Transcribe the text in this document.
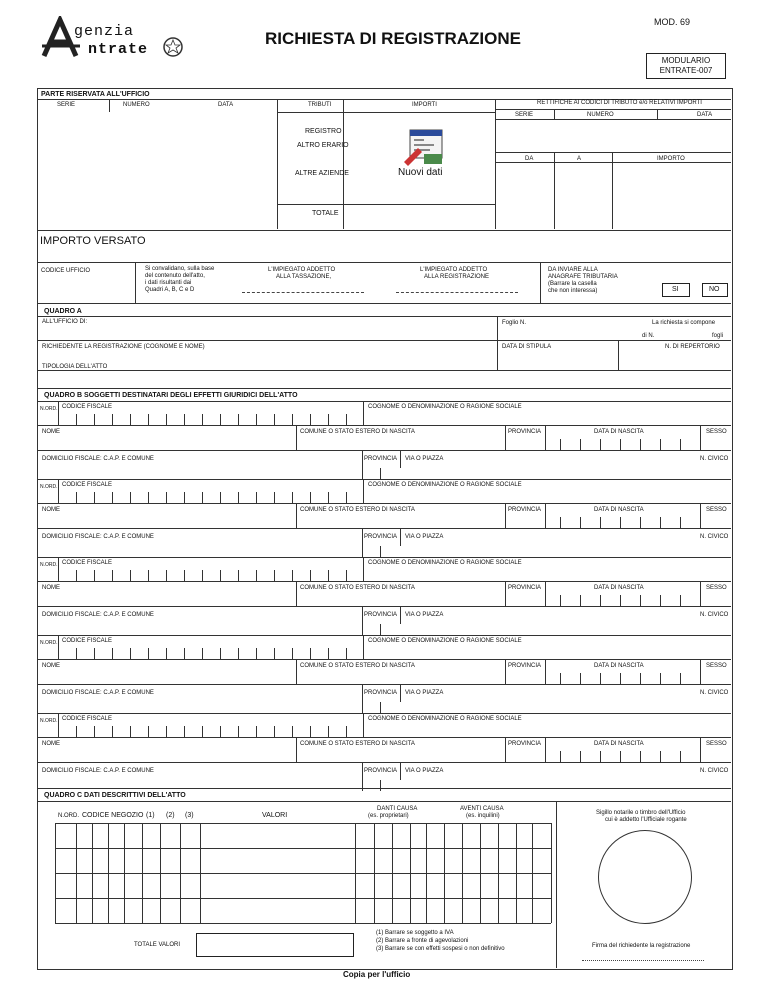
genzia
ntrate
RICHIESTA DI REGISTRAZIONE
MOD. 69
MODULARIO
ENTRATE-007
PARTE RISERVATA ALL'UFFICIO
SERIE	NUMERO	DATA	TRIBUTI	IMPORTI	RETTIFICHE AI CODICI DI TRIBUTO e/o RELATIVI IMPORTI
SERIE	NUMERO	DATA
DA	A	IMPORTO
REGISTRO
ALTRO ERARIO
ALTRE AZIENDE
TOTALE
Nuovi dati
IMPORTO VERSATO
CODICE UFFICIO	Si convalidano, sulla base
del contenuto dell'atto,
i dati risultanti dai
Quadri A, B, C e D
L'IMPIEGATO ADDETTO
ALLA TASSAZIONE,
L'IMPIEGATO ADDETTO
ALLA REGISTRAZIONE
DA INVIARE ALLA
ANAGRAFE TRIBUTARIA
(Barrare la casella
che non interessa)	SI	NO
QUADRO A
ALL'UFFICIO DI:	Foglio N.	La richiesta si compone
di N.	fogli
RICHIEDENTE LA REGISTRAZIONE (COGNOME E NOME)	DATA DI STIPULA	N. DI REPERTORIO
TIPOLOGIA DELL'ATTO
QUADRO B SOGGETTI DESTINATARI DEGLI EFFETTI GIURIDICI DELL'ATTO
N.ORD. CODICE FISCALE	COGNOME O DENOMINAZIONE O RAGIONE SOCIALE
NOME	COMUNE O STATO ESTERO DI NASCITA	PROVINCIA	DATA DI NASCITA	SESSO
DOMICILIO FISCALE: C.A.P. E COMUNE	PROVINCIA VIA O PIAZZA	N. CIVICO
N.ORD. CODICE FISCALE	COGNOME O DENOMINAZIONE O RAGIONE SOCIALE
NOME	COMUNE O STATO ESTERO DI NASCITA	PROVINCIA	DATA DI NASCITA	SESSO
DOMICILIO FISCALE: C.A.P. E COMUNE	PROVINCIA VIA O PIAZZA	N. CIVICO
N.ORD. CODICE FISCALE	COGNOME O DENOMINAZIONE O RAGIONE SOCIALE
NOME	COMUNE O STATO ESTERO DI NASCITA	PROVINCIA	DATA DI NASCITA	SESSO
DOMICILIO FISCALE: C.A.P. E COMUNE	PROVINCIA VIA O PIAZZA	N. CIVICO
N.ORD. CODICE FISCALE	COGNOME O DENOMINAZIONE O RAGIONE SOCIALE
NOME	COMUNE O STATO ESTERO DI NASCITA	PROVINCIA	DATA DI NASCITA	SESSO
DOMICILIO FISCALE: C.A.P. E COMUNE	PROVINCIA VIA O PIAZZA	N. CIVICO
N.ORD. CODICE FISCALE	COGNOME O DENOMINAZIONE O RAGIONE SOCIALE
NOME	COMUNE O STATO ESTERO DI NASCITA	PROVINCIA	DATA DI NASCITA	SESSO
DOMICILIO FISCALE: C.A.P. E COMUNE	PROVINCIA VIA O PIAZZA	N. CIVICO
QUADRO C DATI DESCRITTIVI DELL'ATTO
N.ORD. CODICE NEGOZIO (1) (2) (3)	VALORI
DANTI CAUSA
(es. proprietari)
AVENTI CAUSA
(es. inquilini)	Sigillo notarile o timbro dell'Ufficio
cui è addetto l'Ufficiale rogante
Firma del richiedente la registrazione
TOTALE VALORI
(1) Barrare se soggetto a IVA
(2) Barrare a fronte di agevolazioni
(3) Barrare se con effetti sospesi o non definitivo
Copia per l'ufficio
